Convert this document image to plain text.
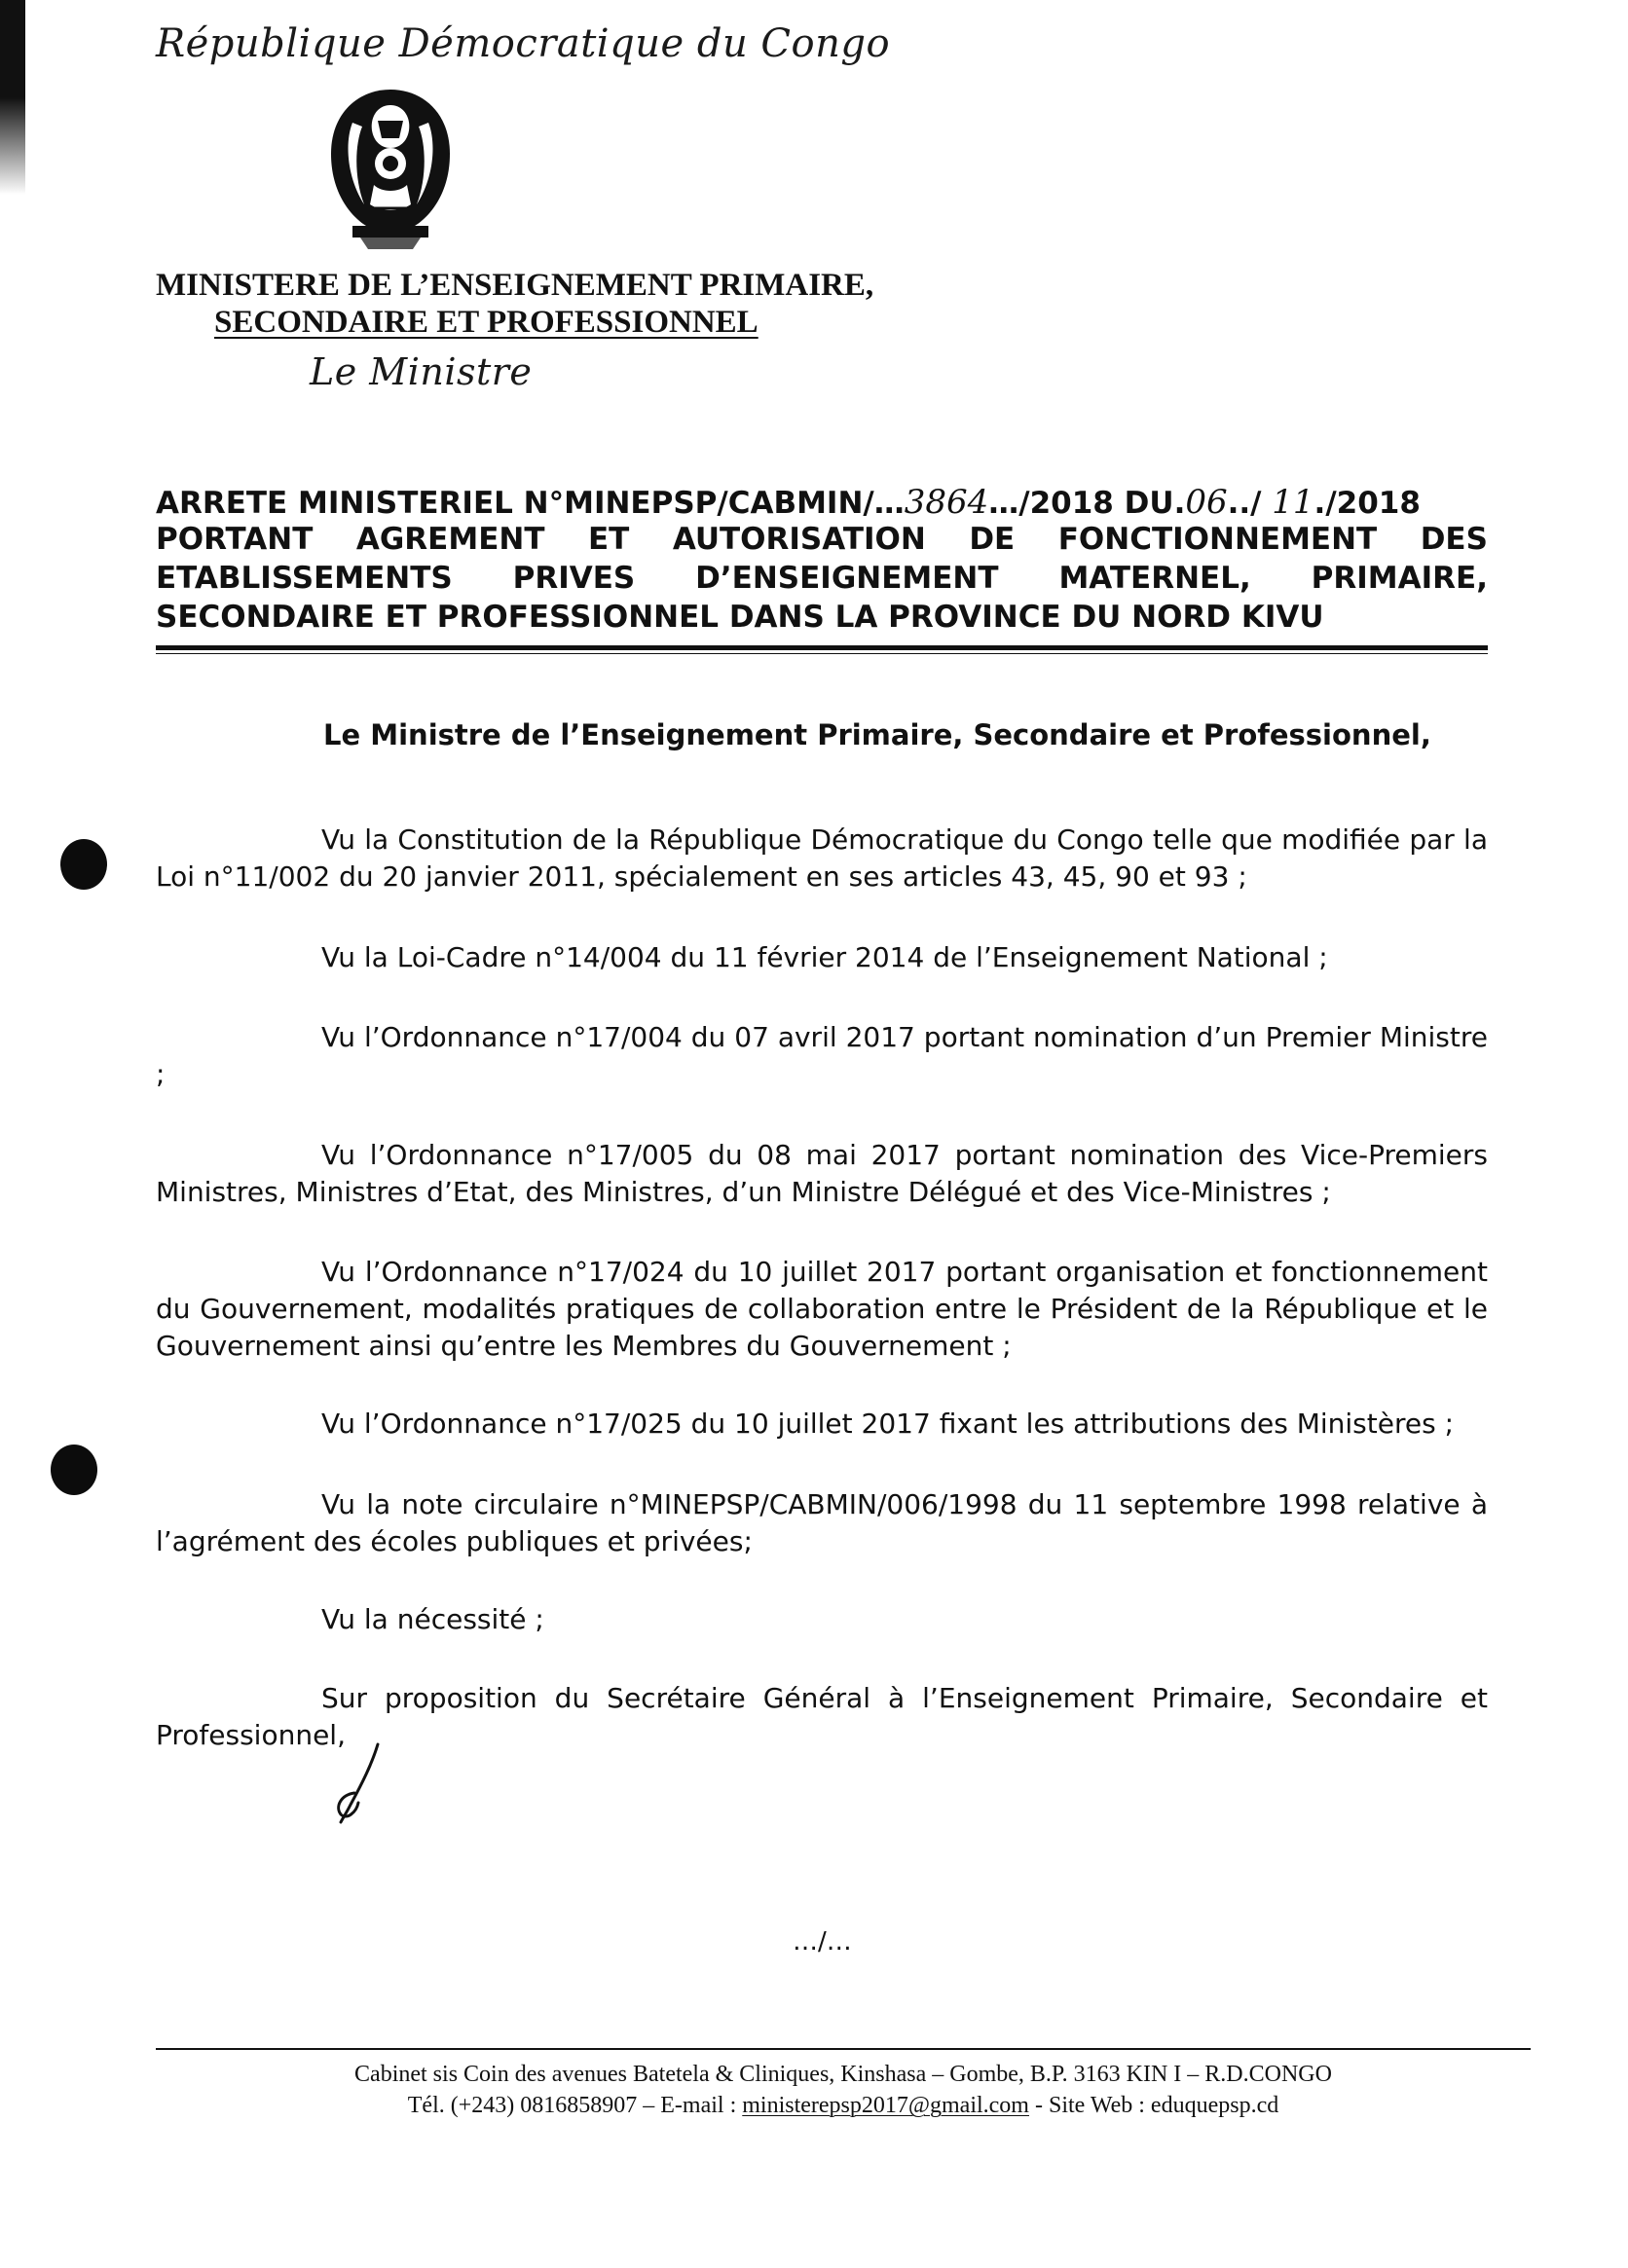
République Démocratique du Congo
MINISTERE DE L’ENSEIGNEMENT PRIMAIRE,
SECONDAIRE ET PROFESSIONNEL
Le Ministre
ARRETE MINISTERIEL N°MINEPSP/CABMIN/…3864…/2018 DU.06../ 11./2018
PORTANT AGREMENT ET AUTORISATION DE FONCTIONNEMENT DES
ETABLISSEMENTS PRIVES D’ENSEIGNEMENT MATERNEL, PRIMAIRE,
SECONDAIRE ET PROFESSIONNEL DANS LA PROVINCE DU NORD KIVU
Le Ministre de l’Enseignement Primaire, Secondaire et Professionnel,
Vu la Constitution de la République Démocratique du Congo telle que modifiée par la Loi n°11/002 du 20 janvier 2011, spécialement en ses articles 43, 45, 90 et 93 ;
Vu la Loi-Cadre n°14/004 du 11 février 2014 de l’Enseignement National ;
Vu l’Ordonnance n°17/004 du 07 avril 2017 portant nomination d’un Premier Ministre ;
Vu l’Ordonnance n°17/005 du 08 mai 2017 portant nomination des Vice-Premiers Ministres, Ministres d’Etat, des Ministres, d’un Ministre Délégué et des Vice-Ministres ;
Vu l’Ordonnance n°17/024 du 10 juillet 2017 portant organisation et fonctionnement du Gouvernement, modalités pratiques de collaboration entre le Président de la République et le Gouvernement ainsi qu’entre les Membres du Gouvernement ;
Vu l’Ordonnance n°17/025 du 10 juillet 2017 fixant les attributions des Ministères ;
Vu la note circulaire n°MINEPSP/CABMIN/006/1998 du 11 septembre 1998 relative à l’agrément des écoles publiques et privées;
Vu la nécessité ;
Sur proposition du Secrétaire Général à l’Enseignement Primaire, Secondaire et Professionnel,
…/…
Cabinet sis Coin des avenues Batetela & Cliniques, Kinshasa – Gombe, B.P. 3163 KIN I – R.D.CONGO
Tél. (+243) 0816858907 – E-mail : ministerepsp2017@gmail.com - Site Web : eduquepsp.cd
